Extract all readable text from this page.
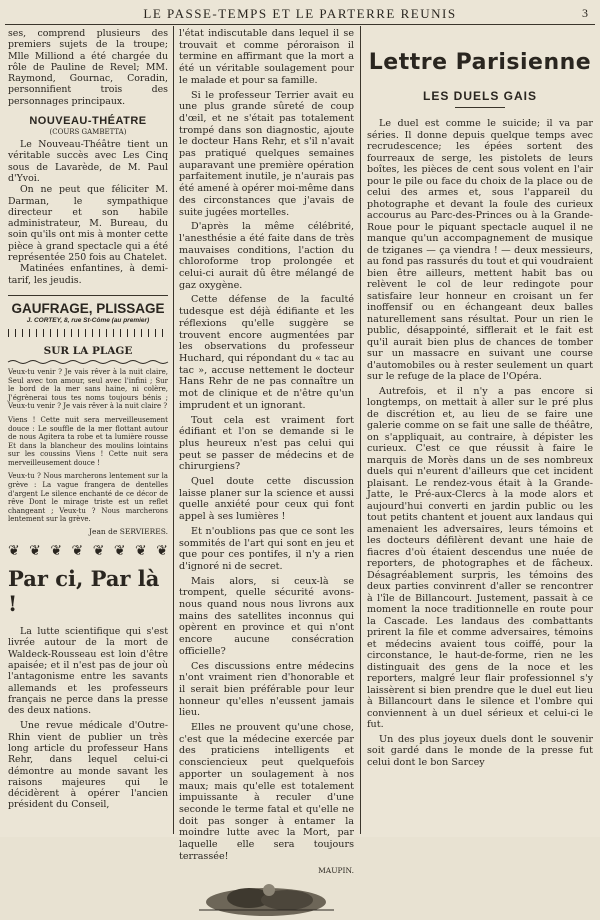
LE PASSE-TEMPS ET LE PARTERRE REUNIS	3

ses, comprend plusieurs des premiers sujets de la troupe; Mlle Milliond a été chargée du rôle de Pauline de Revel; MM. Raymond, Gournac, Coradin, personnifient trois des personnages principaux.

NOUVEAU-THÉATRE
(COURS GAMBETTA)

Le Nouveau-Théâtre tient un véritable succès avec Les Cinq sous de Lavarède, de M. Paul d'Yvoi.

On ne peut que féliciter M. Darman, le sympathique directeur et son habile administrateur, M. Bureau, du soin qu'ils ont mis à monter cette pièce à grand spectacle qui a été représentée 250 fois au Chatelet.

Matinées enfantines, à demi-tarif, les jeudis.

GAUFRAGE, PLISSAGE
J. CORTEY, 8, rue St-Côme (au premier)
SUR LA PLAGE

Veux-tu venir ? Je vais rêver à la nuit claire, Seul avec ton amour, seul avec l'infini ; Sur le bord de la mer sans haine, ni colère, J'égrènerai tous tes noms toujours bénis ; Veux-tu venir ? Je vais rêver à la nuit claire ?

Viens ! Cette nuit sera merveilleusement douce : Le souffle de la mer flottant autour de nous Agitera ta robe et ta lumière rousse Et dans la blancheur des moulins lointains sur les coussins Viens ! Cette nuit sera merveilleusement douce !

Veux-tu ? Nous marcherons lentement sur la grève : La vague frangera de dentelles d'argent Le silence enchanté de ce décor de rêve Dont le mirage triste est un reflet changeant ; Veux-tu ? Nous marcherons lentement sur la grève.

Jean de SERVIERES.
❦ ❦ ❦ ❦ ❦ ❦ ❦ ❦
Par ci, Par là !

La lutte scientifique qui s'est livrée autour de la mort de Waldeck-Rousseau est loin d'être apaisée; et il n'est pas de jour où l'antagonisme entre les savants allemands et les professeurs français ne perce dans la presse des deux nations.

Une revue médicale d'Outre-Rhin vient de publier un très long article du professeur Hans Rehr, dans lequel celui-ci démontre au monde savant les raisons majeures qui le décidèrent à opérer l'ancien président du Conseil,

l'état indiscutable dans lequel il se trouvait et comme péroraison il termine en affirmant que la mort a été un véritable soulagement pour le malade et pour sa famille.

Si le professeur Terrier avait eu une plus grande sûreté de coup d'œil, et ne s'était pas totalement trompé dans son diagnostic, ajoute le docteur Hans Rehr, et s'il n'avait pas pratiqué quelques semaines auparavant une première opération parfaitement inutile, je n'aurais pas été amené à opérer moi-même dans des circonstances que j'avais de suite jugées mortelles.

D'après la même célébrité, l'anesthésie a été faite dans de très mauvaises conditions, l'action du chloroforme trop prolongée et celui-ci aurait dû être mélangé de gaz oxygène.

Cette défense de la faculté tudesque est déjà édifiante et les réflexions qu'elle suggère se trouvent encore augmentées par les observations du professeur Huchard, qui répondant du « tac au tac », accuse nettement le docteur Hans Rehr de ne pas connaître un mot de clinique et de n'être qu'un imprudent et un ignorant.

Tout cela est vraiment fort édifiant et l'on se demande si le plus heureux n'est pas celui qui peut se passer de médecins et de chirurgiens?

Quel doute cette discussion laisse planer sur la science et aussi quelle anxiété pour ceux qui font appel à ses lumières !

Et n'oublions pas que ce sont les sommités de l'art qui sont en jeu et que pour ces pontifes, il n'y a rien d'ignoré ni de secret.

Mais alors, si ceux-là se trompent, quelle sécurité avons-nous quand nous nous livrons aux mains des satellites inconnus qui opèrent en province et qui n'ont encore aucune consécration officielle?

Ces discussions entre médecins n'ont vraiment rien d'honorable et il serait bien préférable pour leur honneur qu'elles n'eussent jamais lieu.

Elles ne prouvent qu'une chose, c'est que la médecine exercée par des praticiens intelligents et consciencieux peut quelquefois apporter un soulagement à nos maux; mais qu'elle est totalement impuissante à reculer d'une seconde le terme fatal et qu'elle ne doit pas songer à entamer la moindre lutte avec la Mort, par laquelle elle sera toujours terrassée!

MAUPIN.
Lettre Parisienne
LES DUELS GAIS

Le duel est comme le suicide; il va par séries. Il donne depuis quelque temps avec recrudescence; les épées sortent des fourreaux de serge, les pistolets de leurs boîtes, les pièces de cent sous volent en l'air pour le pile ou face du choix de la place ou de celui des armes et, sous l'appareil du photographe et devant la foule des curieux accourus au Parc-des-Princes ou à la Grande-Roue pour le piquant spectacle auquel il ne manque qu'un accompagnement de musique de tziganes — ça viendra ! — deux messieurs, au fond pas rassurés du tout et qui voudraient bien être ailleurs, mettent habit bas ou relèvent le col de leur redingote pour satisfaire leur honneur en croisant un fer inoffensif ou en échangeant deux balles naturellement sans résultat. Pour un rien le public, désappointé, sifflerait et le fait est qu'il aurait bien plus de chances de tomber sur un massacre en suivant une course d'automobiles ou à rester seulement un quart sur le refuge de la place de l'Opéra.

Autrefois, et il n'y a pas encore si longtemps, on mettait à aller sur le pré plus de discrétion et, au lieu de se faire une galerie comme on se fait une salle de théâtre, on s'appliquait, au contraire, à dépister les curieux. C'est ce que réussit à faire le marquis de Morès dans un de ses nombreux duels qui n'eurent d'ailleurs que cet incident plaisant. Le rendez-vous était à la Grande-Jatte, le Pré-aux-Clercs à la mode alors et aujourd'hui converti en jardin public ou les tout petits chantent et jouent aux landaus qui amenaient les adversaires, leurs témoins et les docteurs défilèrent devant une haie de fiacres d'où étaient descendus une nuée de reporters, de photographes et de fâcheux. Désagréablement surpris, les témoins des deux parties convinrent d'aller se rencontrer à l'île de Billancourt. Justement, passait à ce moment la noce traditionnelle en route pour la Cascade. Les landaus des combattants prirent la file et comme adversaires, témoins et médecins avaient tous coiffé, pour la circonstance, le haut-de-forme, rien ne les distinguait des gens de la noce et les reporters, malgré leur flair professionnel s'y laissèrent si bien prendre que le duel eut lieu à Billancourt dans le silence et l'ombre qui conviennent à un duel sérieux et celui-ci le fut.

Un des plus joyeux duels dont le souvenir soit gardé dans le monde de la presse fut celui dont le bon Sarcey
